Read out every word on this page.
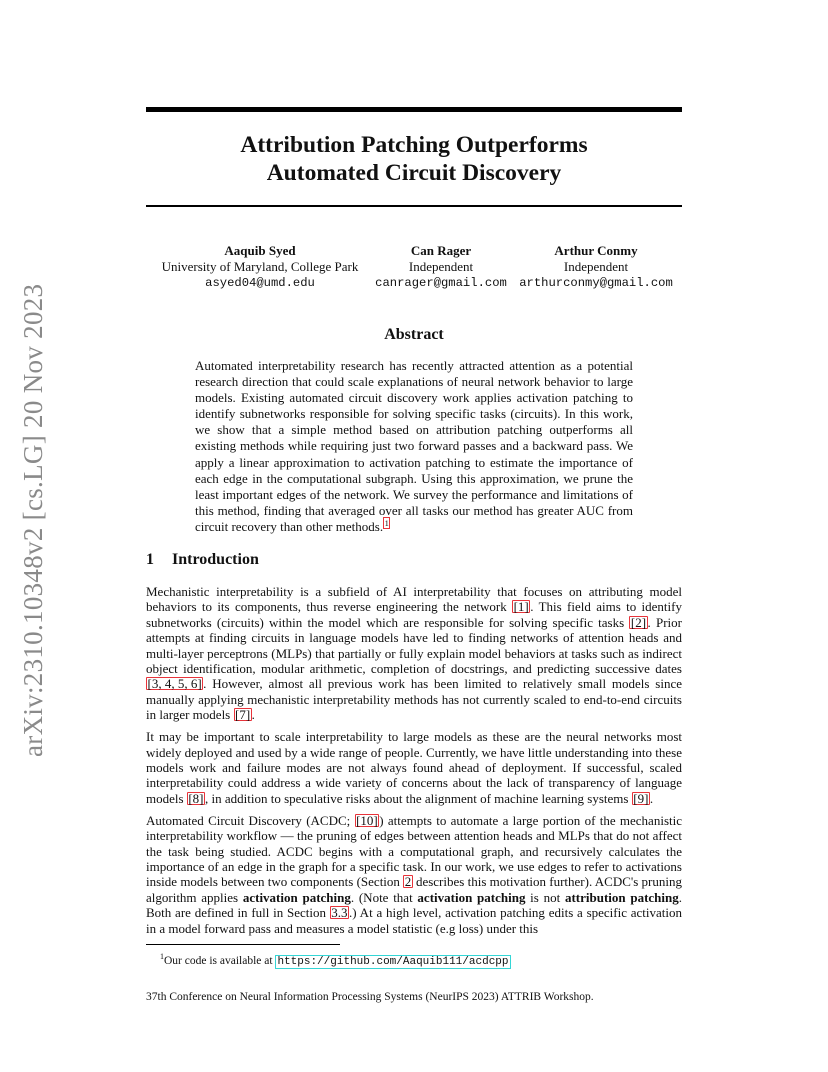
arXiv:2310.10348v2 [cs.LG] 20 Nov 2023
Attribution Patching Outperforms
Automated Circuit Discovery
Aaquib Syed
University of Maryland, College Park
asyed04@umd.edu
Can Rager
Independent
canrager@gmail.com
Arthur Conmy
Independent
arthurconmy@gmail.com
Abstract

Automated interpretability research has recently attracted attention as a potential research direction that could scale explanations of neural network behavior to large models. Existing automated circuit discovery work applies activation patching to identify subnetworks responsible for solving specific tasks (circuits). In this work, we show that a simple method based on attribution patching outperforms all existing methods while requiring just two forward passes and a backward pass. We apply a linear approximation to activation patching to estimate the importance of each edge in the computational subgraph. Using this approximation, we prune the least important edges of the network. We survey the performance and limitations of this method, finding that averaged over all tasks our method has greater AUC from circuit recovery than other methods. $^1$

1 Introduction

Mechanistic interpretability is a subfield of AI interpretability that focuses on attributing model behaviors to its components, thus reverse engineering the network [1] . This field aims to identify subnetworks (circuits) within the model which are responsible for solving specific tasks [2] . Prior attempts at finding circuits in language models have led to finding networks of attention heads and multi-layer perceptrons (MLPs) that partially or fully explain model behaviors at tasks such as indirect object identification, modular arithmetic, completion of docstrings, and predicting successive dates [3, 4, 5, 6] . However, almost all previous work has been limited to relatively small models since manually applying mechanistic interpretability methods has not currently scaled to end-to-end circuits in larger models [7] .

It may be important to scale interpretability to large models as these are the neural networks most widely deployed and used by a wide range of people. Currently, we have little understanding into these models work and failure modes are not always found ahead of deployment. If successful, scaled interpretability could address a wide variety of concerns about the lack of transparency of language models [8] , in addition to speculative risks about the alignment of machine learning systems [9] .

Automated Circuit Discovery (ACDC; [10] ) attempts to automate a large portion of the mechanistic interpretability workflow — the pruning of edges between attention heads and MLPs that do not affect the task being studied. ACDC begins with a computational graph, and recursively calculates the importance of an edge in the graph for a specific task. In our work, we use edges to refer to activations inside models between two components (Section 2 describes this motivation further). ACDC's pruning algorithm applies activation patching. (Note that activation patching is not attribution patching. Both are defined in full in Section 3.3 .) At a high level, activation patching edits a specific activation in a model forward pass and measures a model statistic (e.g loss) under this

$^1$Our code is available at https://github.com/Aaquib111/acdcpp
37th Conference on Neural Information Processing Systems (NeurIPS 2023) ATTRIB Workshop.
